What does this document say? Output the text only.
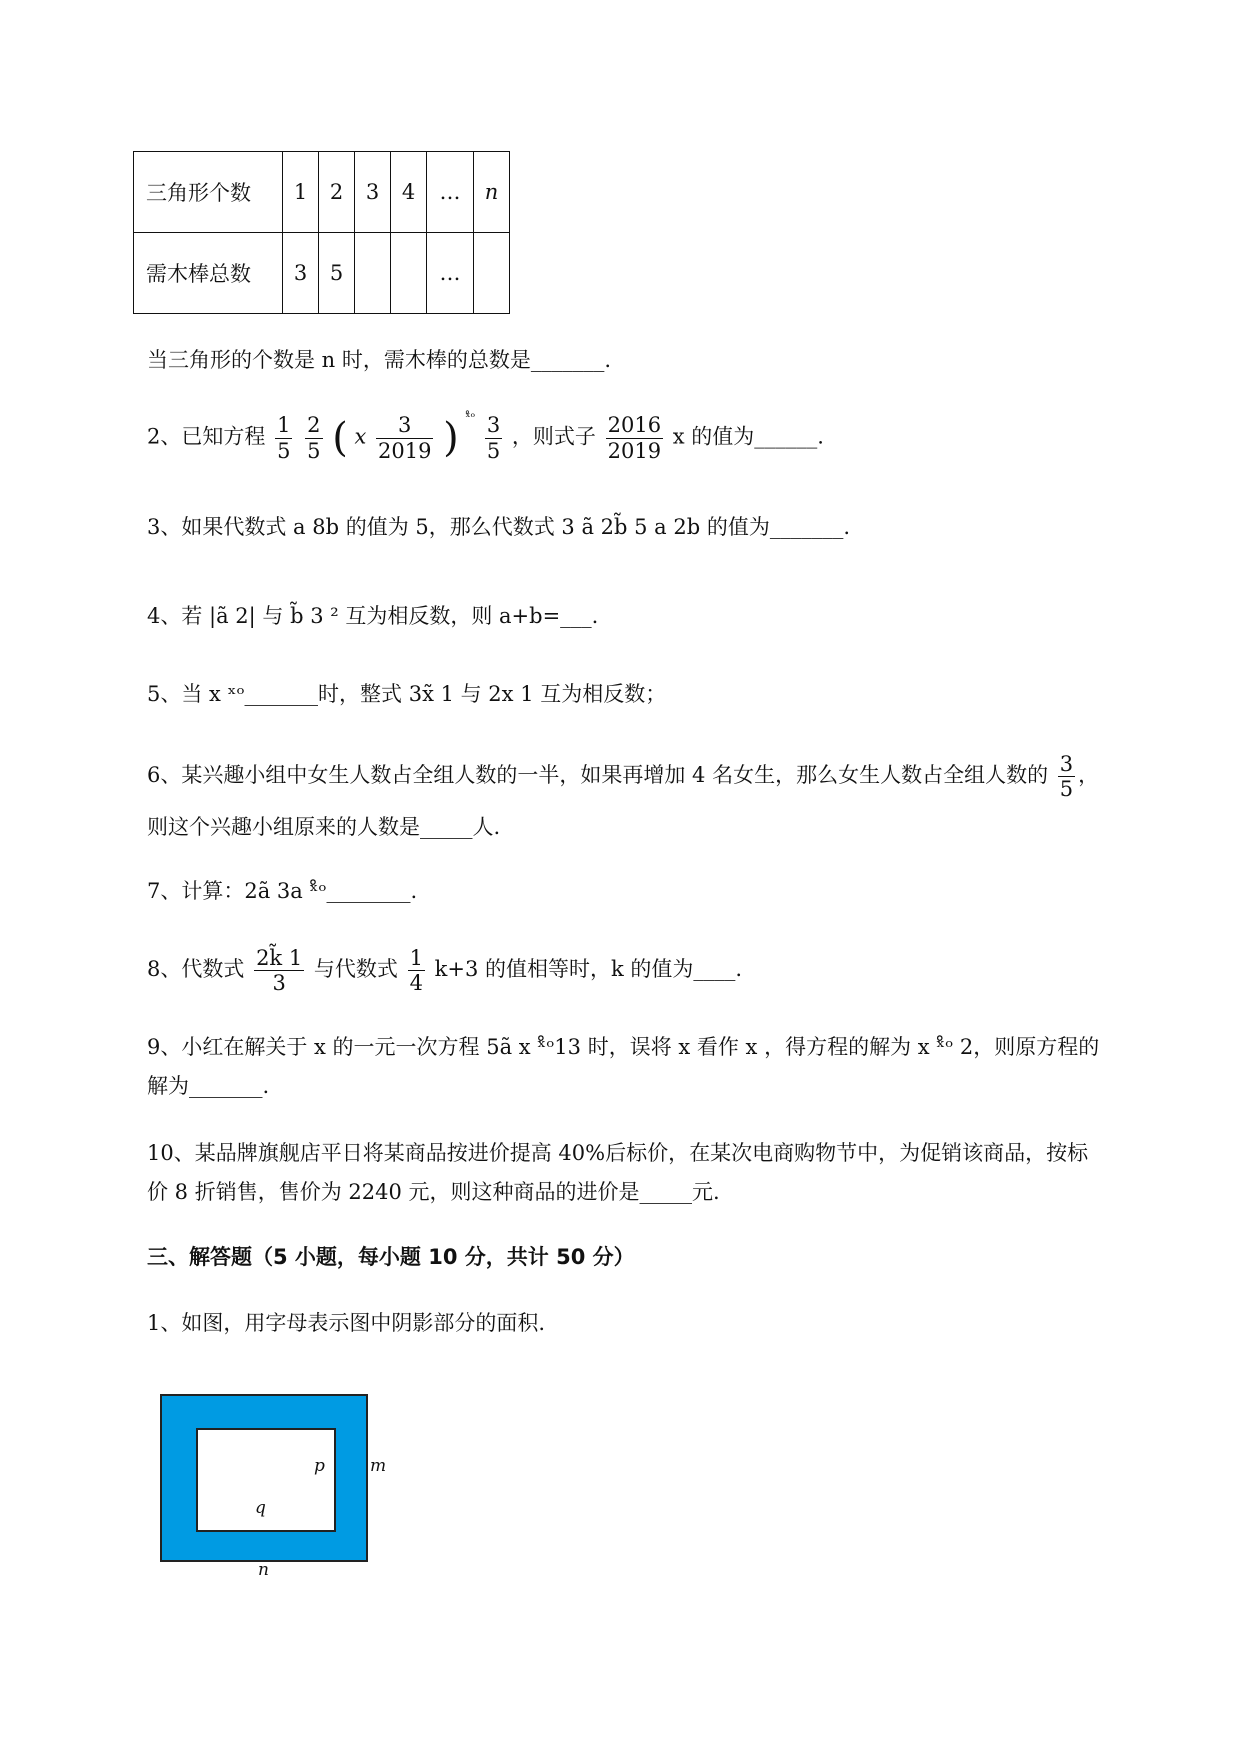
三角形个数	1	2	3	4	…	n
需木棒总数	3	5			…	
当三角形的个数是 n 时，需木棒的总数是_______.
2、已知方程 $\frac{1}{5}$
$\frac{2}{5}$ ( x $\frac{3}{2019}$ ) $^{ˣ̊ᵒ} \frac{3}{5}$ ，则式子 $\frac{2016}{2019}$ x 的值为______.
3、如果代数式 a 8b 的值为 5，那么代数式 3 ã 2b̃ 5 a 2b 的值为_______.
4、若 |ã 2| 与 b̃ 3 ² 互为相反数，则 a+b=___.
5、当 x ˣᵒ_______时，整式 3x̃ 1 与 2x 1 互为相反数；
6、某兴趣小组中女生人数占全组人数的一半，如果再增加 4 名女生，那么女生人数占全组人数的 $\frac{3}{5}$ ，
则这个兴趣小组原来的人数是_____人.
7、计算：2ã 3a ˣ̊ᵒ________.
8、代数式 $\frac{2k̃ 1}{3}$ 与代数式 $\frac{1}{4} k+3$ 的值相等时，k 的值为____.
9、小红在解关于 x 的一元一次方程 5ã x ˣ̊ᵒ13 时，误将 x 看作 x ，得方程的解为 x ˣ̊ᵒ 2，则原方程的
解为_______.
10、某品牌旗舰店平日将某商品按进价提高 40%后标价，在某次电商购物节中，为促销该商品，按标
价 8 折销售，售价为 2240 元，则这种商品的进价是_____元.
三、解答题（5 小题，每小题 10 分，共计 50 分）
1、如图，用字母表示图中阴影部分的面积.
p
q
m
n
